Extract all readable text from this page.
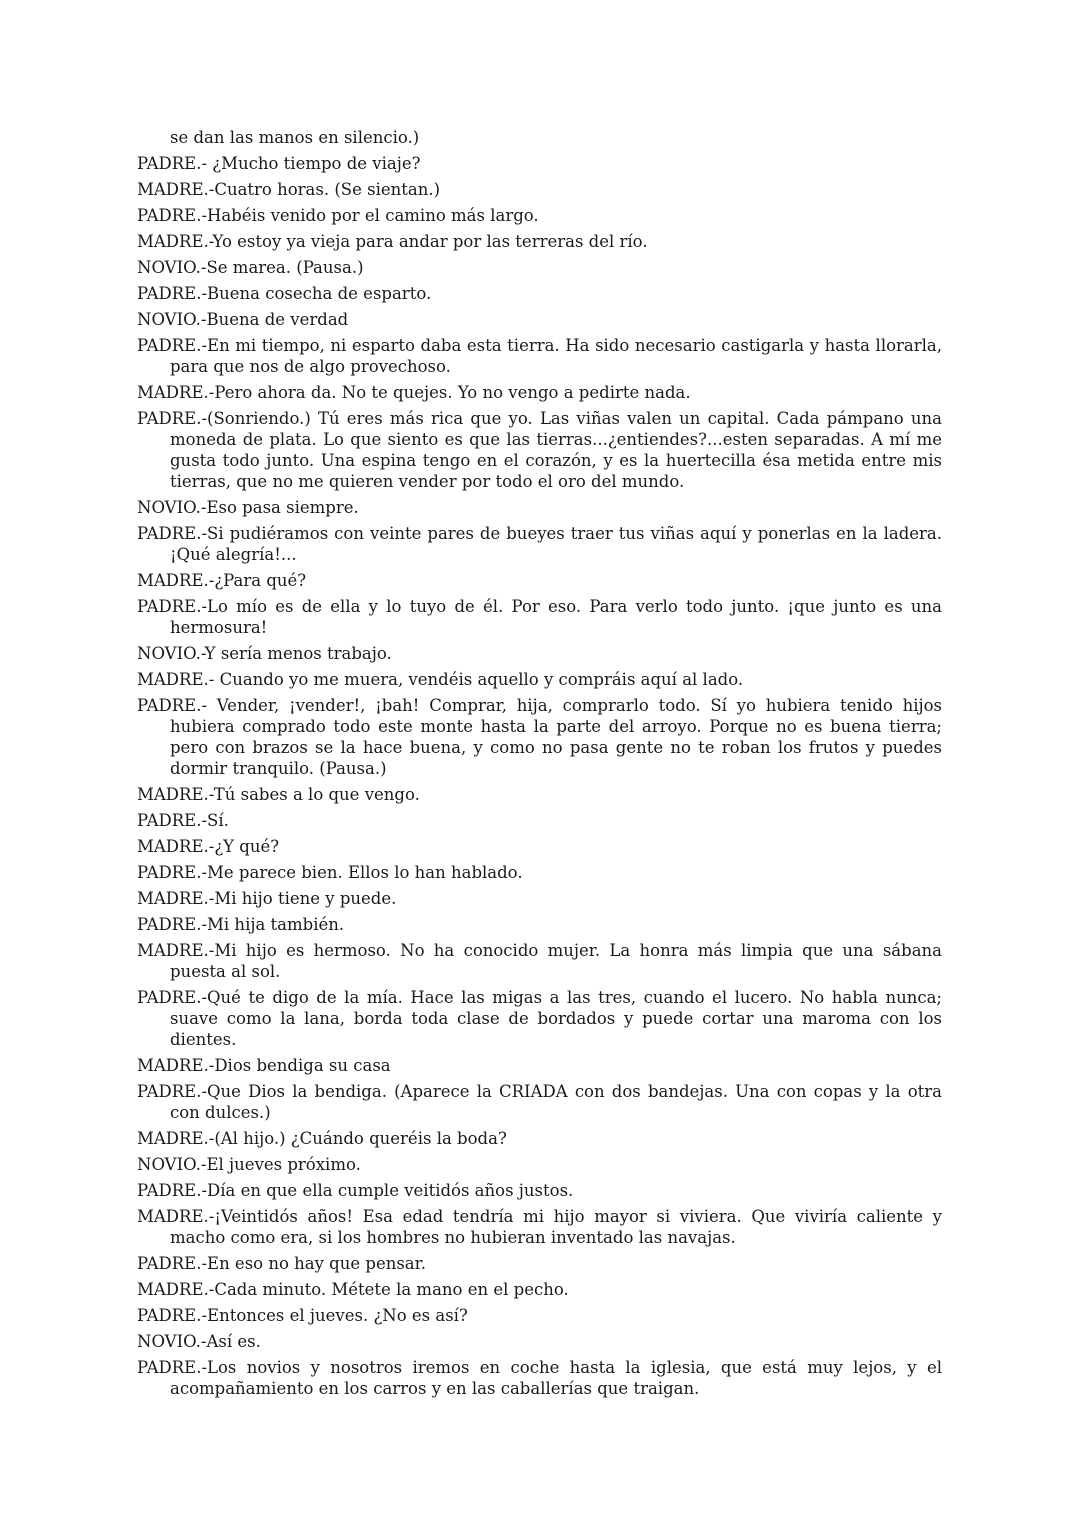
se dan las manos en silencio.)

PADRE.- ¿Mucho tiempo de viaje?

MADRE.-Cuatro horas. (Se sientan.)

PADRE.-Habéis venido por el camino más largo.

MADRE.-Yo estoy ya vieja para andar por las terreras del río.

NOVIO.-Se marea. (Pausa.)

PADRE.-Buena cosecha de esparto.

NOVIO.-Buena de verdad

PADRE.-En mi tiempo, ni esparto daba esta tierra. Ha sido necesario castigarla y hasta llorarla, para que nos de algo provechoso.

MADRE.-Pero ahora da. No te quejes. Yo no vengo a pedirte nada.

PADRE.-(Sonriendo.) Tú eres más rica que yo. Las viñas valen un capital. Cada pámpano una moneda de plata. Lo que siento es que las tierras...¿entiendes?...esten separadas. A mí me gusta todo junto. Una espina tengo en el corazón, y es la huertecilla ésa metida entre mis tierras, que no me quieren vender por todo el oro del mundo.

NOVIO.-Eso pasa siempre.

PADRE.-Si pudiéramos con veinte pares de bueyes traer tus viñas aquí y ponerlas en la ladera. ¡Qué alegría!...

MADRE.-¿Para qué?

PADRE.-Lo mío es de ella y lo tuyo de él. Por eso. Para verlo todo junto. ¡que junto es una hermosura!

NOVIO.-Y sería menos trabajo.

MADRE.- Cuando yo me muera, vendéis aquello y compráis aquí al lado.

PADRE.- Vender, ¡vender!, ¡bah! Comprar, hija, comprarlo todo. Sí yo hubiera tenido hijos hubiera comprado todo este monte hasta la parte del arroyo. Porque no es buena tierra; pero con brazos se la hace buena, y como no pasa gente no te roban los frutos y puedes dormir tranquilo. (Pausa.)

MADRE.-Tú sabes a lo que vengo.

PADRE.-Sí.

MADRE.-¿Y qué?

PADRE.-Me parece bien. Ellos lo han hablado.

MADRE.-Mi hijo tiene y puede.

PADRE.-Mi hija también.

MADRE.-Mi hijo es hermoso. No ha conocido mujer. La honra más limpia que una sábana puesta al sol.

PADRE.-Qué te digo de la mía. Hace las migas a las tres, cuando el lucero. No habla nunca; suave como la lana, borda toda clase de bordados y puede cortar una maroma con los dientes.

MADRE.-Dios bendiga su casa

PADRE.-Que Dios la bendiga. (Aparece la CRIADA con dos bandejas. Una con copas y la otra con dulces.)

MADRE.-(Al hijo.) ¿Cuándo queréis la boda?

NOVIO.-El jueves próximo.

PADRE.-Día en que ella cumple veitidós años justos.

MADRE.-¡Veintidós años! Esa edad tendría mi hijo mayor si viviera. Que viviría caliente y macho como era, si los hombres no hubieran inventado las navajas.

PADRE.-En eso no hay que pensar.

MADRE.-Cada minuto. Métete la mano en el pecho.

PADRE.-Entonces el jueves. ¿No es así?

NOVIO.-Así es.

PADRE.-Los novios y nosotros iremos en coche hasta la iglesia, que está muy lejos, y el acompañamiento en los carros y en las caballerías que traigan.
